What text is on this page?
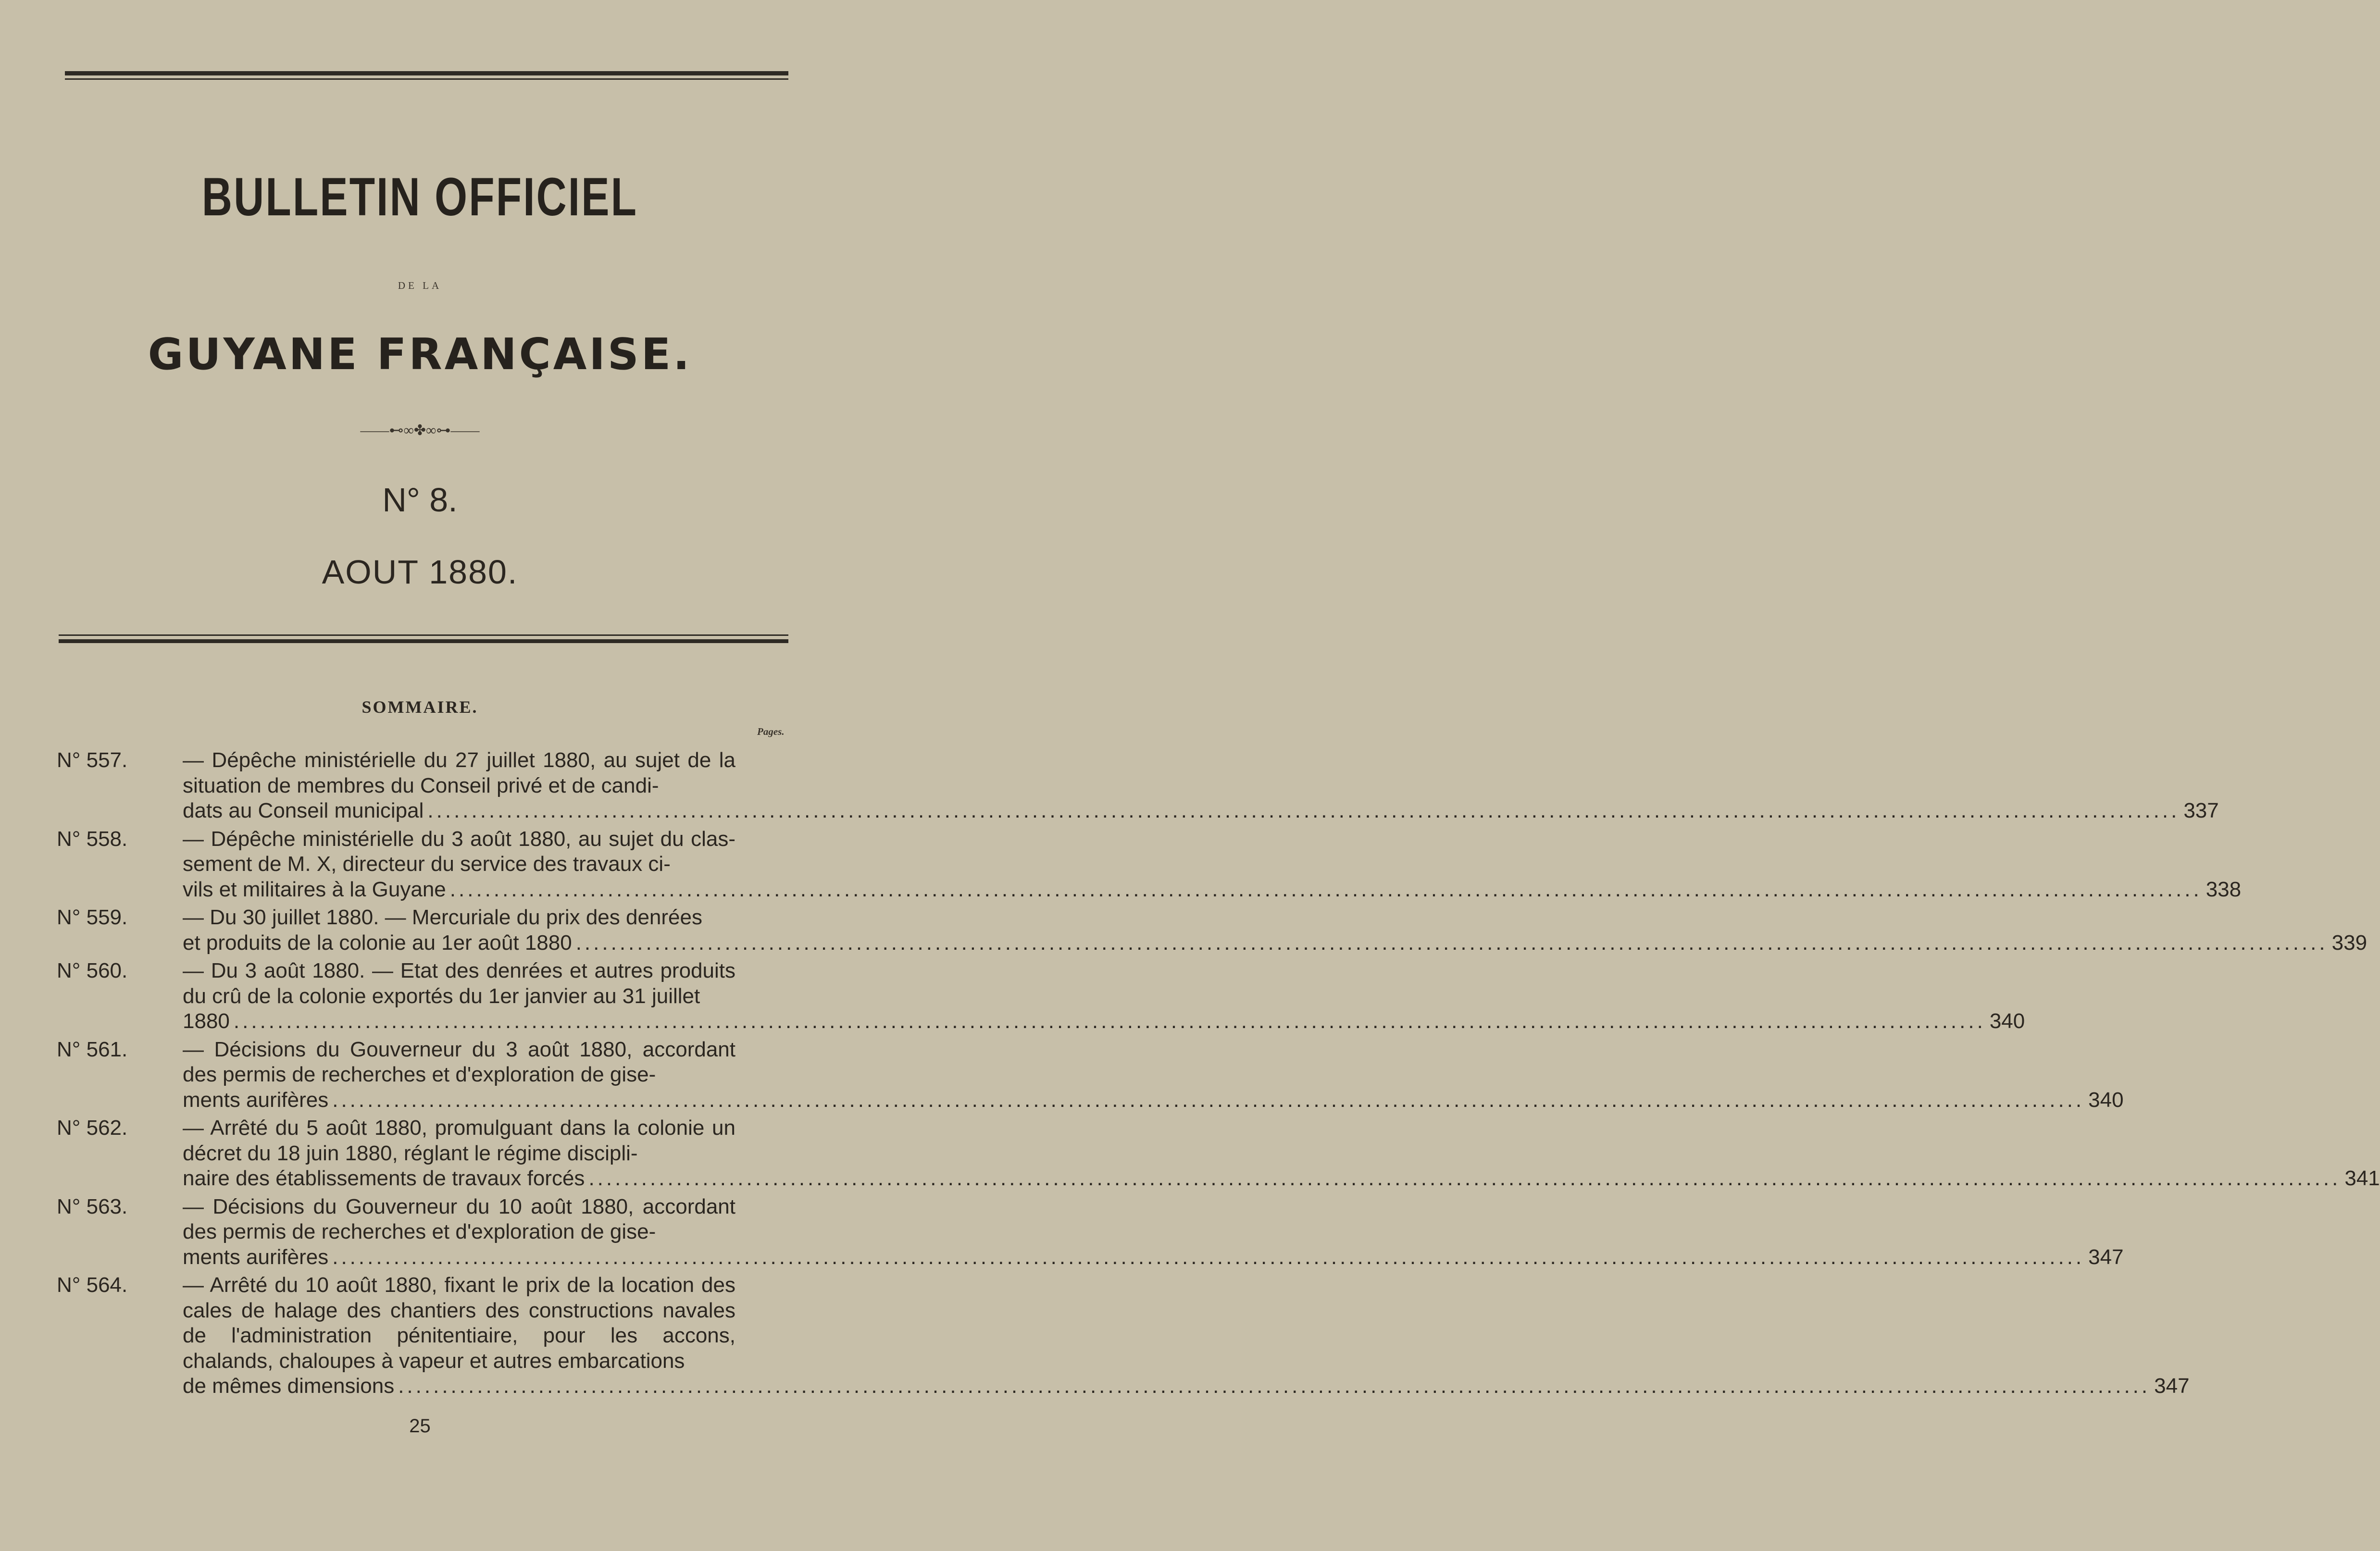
BULLETIN OFFICIEL
DE LA
GUYANE FRANÇAISE.
——⊷∞✤∞⊶——
N° 8.
AOUT 1880.
SOMMAIRE.
Pages.
N° 557.	— Dépêche ministérielle du 27 juillet 1880, au sujet de la situation de membres du Conseil privé et de candi-
dats au Conseil municipal ........................................................................................................................................................................................................ 337
N° 558.	— Dépêche ministérielle du 3 août 1880, au sujet du clas- sement de M. X, directeur du service des travaux ci-
vils et militaires à la Guyane ........................................................................................................................................................................................................ 338
N° 559.	— Du 30 juillet 1880. — Mercuriale du prix des denrées
et produits de la colonie au 1er août 1880 ........................................................................................................................................................................................................ 339
N° 560.	— Du 3 août 1880. — Etat des denrées et autres produits du crû de la colonie exportés du 1er janvier au 31 juillet
1880 ........................................................................................................................................................................................................ 340
N° 561.	— Décisions du Gouverneur du 3 août 1880, accordant des permis de recherches et d'exploration de gise-
ments aurifères ........................................................................................................................................................................................................ 340
N° 562.	— Arrêté du 5 août 1880, promulguant dans la colonie un décret du 18 juin 1880, réglant le régime discipli-
naire des établissements de travaux forcés ........................................................................................................................................................................................................ 341
N° 563.	— Décisions du Gouverneur du 10 août 1880, accordant des permis de recherches et d'exploration de gise-
ments aurifères ........................................................................................................................................................................................................ 347
N° 564.	— Arrêté du 10 août 1880, fixant le prix de la location des cales de halage des chantiers des constructions navales de l'administration pénitentiaire, pour les accons, chalands, chaloupes à vapeur et autres embarcations
de mêmes dimensions ........................................................................................................................................................................................................ 347
25
